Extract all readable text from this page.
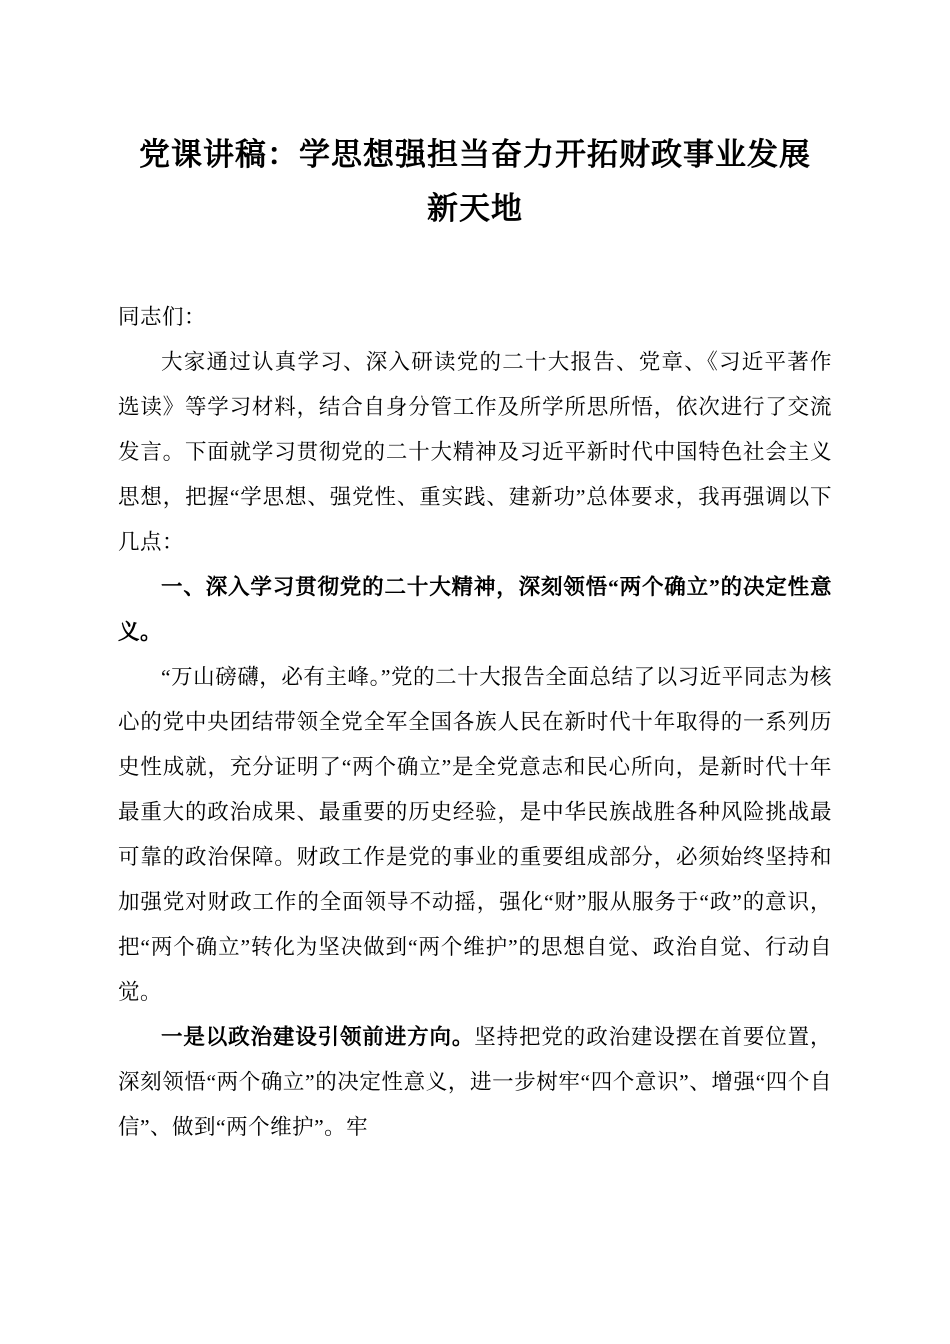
党课讲稿：学思想强担当奋力开拓财政事业发展新天地

同志们：

大家通过认真学习、深入研读党的二十大报告、党章、《习近平著作选读》等学习材料，结合自身分管工作及所学所思所悟，依次进行了交流发言。下面就学习贯彻党的二十大精神及习近平新时代中国特色社会主义思想，把握“学思想、强党性、重实践、建新功”总体要求，我再强调以下几点：

一、深入学习贯彻党的二十大精神，深刻领悟“两个确立”的决定性意义。

“万山磅礴，必有主峰。”党的二十大报告全面总结了以习近平同志为核心的党中央团结带领全党全军全国各族人民在新时代十年取得的一系列历史性成就，充分证明了“两个确立”是全党意志和民心所向，是新时代十年最重大的政治成果、最重要的历史经验，是中华民族战胜各种风险挑战最可靠的政治保障。财政工作是党的事业的重要组成部分，必须始终坚持和加强党对财政工作的全面领导不动摇，强化“财”服从服务于“政”的意识，把“两个确立”转化为坚决做到“两个维护”的思想自觉、政治自觉、行动自觉。

一是以政治建设引领前进方向。坚持把党的政治建设摆在首要位置，深刻领悟“两个确立”的决定性意义，进一步树牢“四个意识”、增强“四个自信”、做到“两个维护”。牢
